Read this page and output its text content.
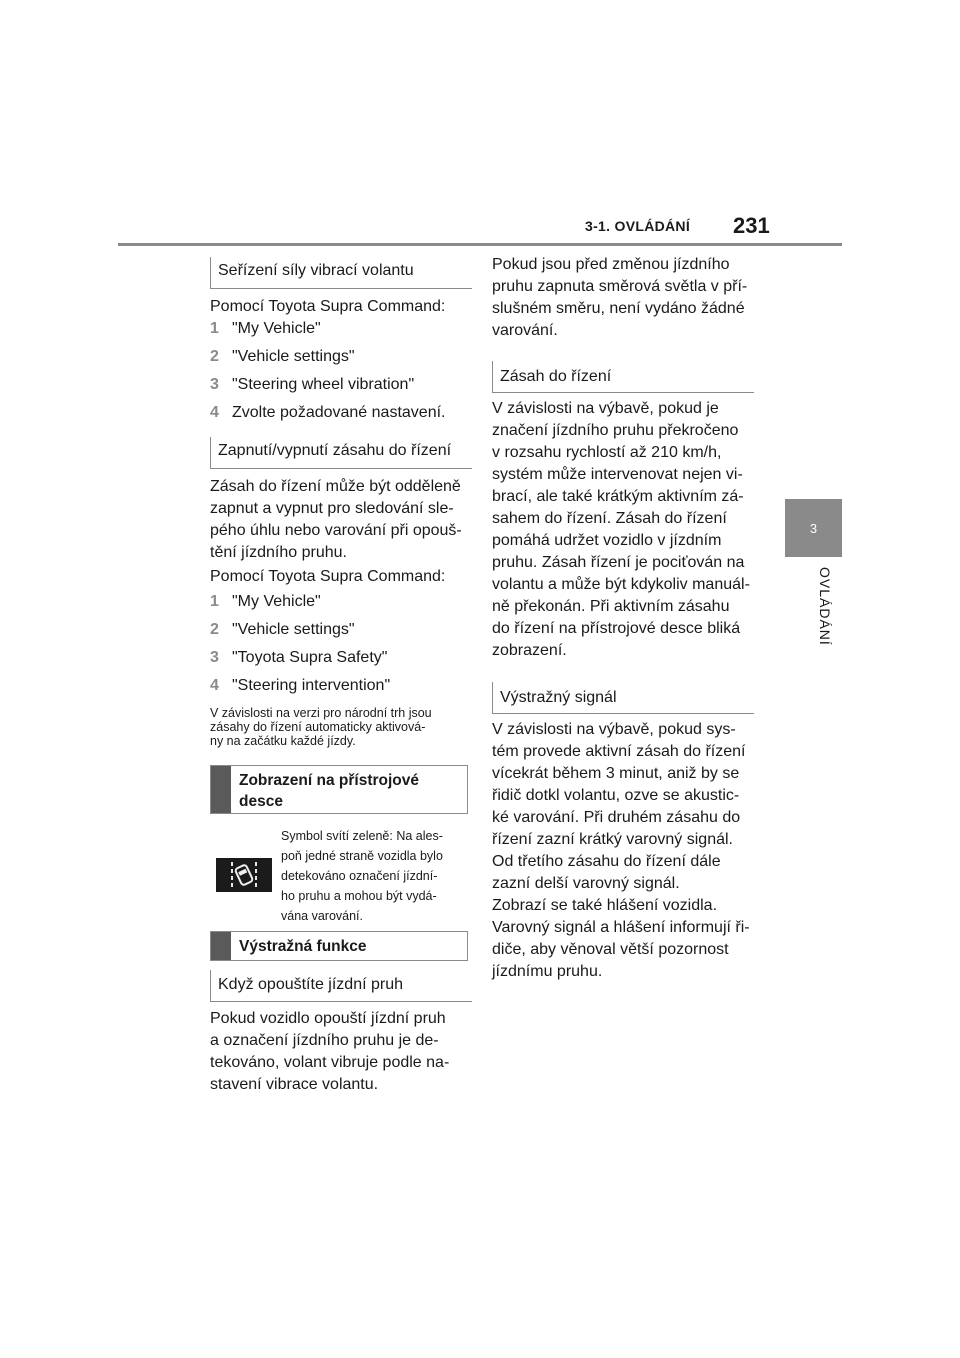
3-1. OVLÁDÁNÍ 231
3
OVLÁDÁNÍ
Seřízení síly vibrací volantu

Pomocí Toyota Supra Command:

1 "My Vehicle"
2 "Vehicle settings"
3 "Steering wheel vibration"
4 Zvolte požadované nastavení.
Zapnutí/vypnutí zásahu do řízení

Zásah do řízení může být odděleně

zapnut a vypnut pro sledování sle-

pého úhlu nebo varování při opouš-

tění jízdního pruhu.

Pomocí Toyota Supra Command:

1 "My Vehicle"
2 "Vehicle settings"
3 "Toyota Supra Safety"
4 "Steering intervention"
V závislosti na verzi pro národní trh jsou
zásahy do řízení automaticky aktivová-
ny na začátku každé jízdy.
Zobrazení na přístrojové
desce
Symbol svítí zeleně: Na ales-
poň jedné straně vozidla bylo
detekováno označení jízdní-
ho pruhu a mohou být vydá-
vána varování.
Výstražná funkce
Když opouštíte jízdní pruh

Pokud vozidlo opouští jízdní pruh

a označení jízdního pruhu je de-

tekováno, volant vibruje podle na-

stavení vibrace volantu.

Pokud jsou před změnou jízdního

pruhu zapnuta směrová světla v pří-

slušném směru, není vydáno žádné

varování.

Zásah do řízení

V závislosti na výbavě, pokud je

značení jízdního pruhu překročeno

v rozsahu rychlostí až 210 km/h,

systém může intervenovat nejen vi-

brací, ale také krátkým aktivním zá-

sahem do řízení. Zásah do řízení

pomáhá udržet vozidlo v jízdním

pruhu. Zásah řízení je pociťován na

volantu a může být kdykoliv manuál-

ně překonán. Při aktivním zásahu

do řízení na přístrojové desce bliká

zobrazení.

Výstražný signál

V závislosti na výbavě, pokud sys-

tém provede aktivní zásah do řízení

vícekrát během 3 minut, aniž by se

řidič dotkl volantu, ozve se akustic-

ké varování. Při druhém zásahu do

řízení zazní krátký varovný signál.

Od třetího zásahu do řízení dále

zazní delší varovný signál.

Zobrazí se také hlášení vozidla.

Varovný signál a hlášení informují ři-

diče, aby věnoval větší pozornost

jízdnímu pruhu.
